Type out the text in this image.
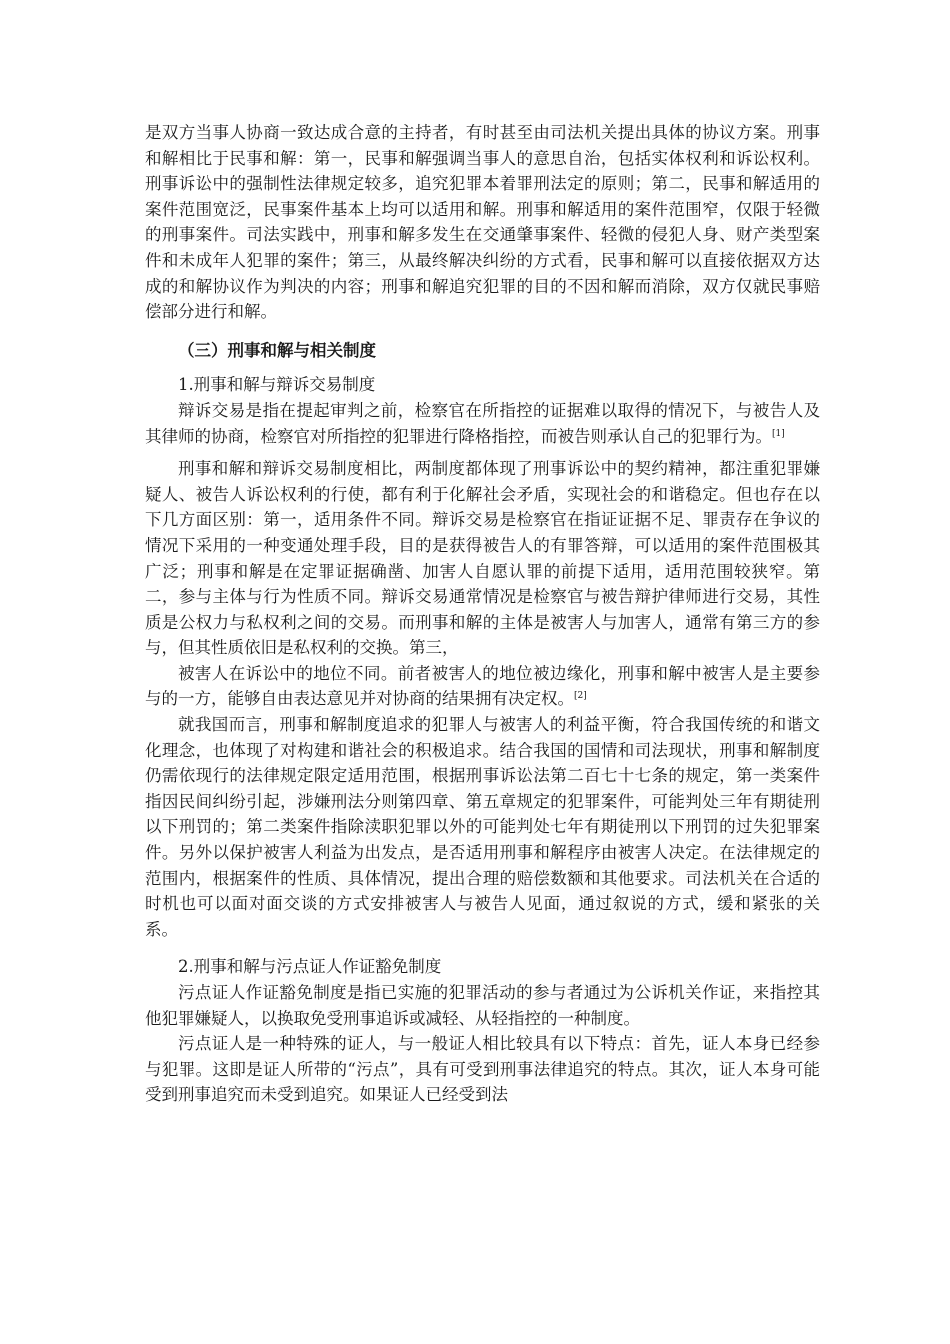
是双方当事人协商一致达成合意的主持者，有时甚至由司法机关提出具体的协议方案。刑事和解相比于民事和解：第一，民事和解强调当事人的意思自治，包括实体权利和诉讼权利。刑事诉讼中的强制性法律规定较多，追究犯罪本着罪刑法定的原则；第二，民事和解适用的案件范围宽泛，民事案件基本上均可以适用和解。刑事和解适用的案件范围窄，仅限于轻微的刑事案件。司法实践中，刑事和解多发生在交通肇事案件、轻微的侵犯人身、财产类型案件和未成年人犯罪的案件；第三，从最终解决纠纷的方式看，民事和解可以直接依据双方达成的和解协议作为判决的内容；刑事和解追究犯罪的目的不因和解而消除，双方仅就民事赔偿部分进行和解。

（三）刑事和解与相关制度
1.刑事和解与辩诉交易制度

辩诉交易是指在提起审判之前，检察官在所指控的证据难以取得的情况下，与被告人及其律师的协商，检察官对所指控的犯罪进行降格指控，而被告则承认自己的犯罪行为。[1]

刑事和解和辩诉交易制度相比，两制度都体现了刑事诉讼中的契约精神，都注重犯罪嫌疑人、被告人诉讼权利的行使，都有利于化解社会矛盾，实现社会的和谐稳定。但也存在以下几方面区别：第一，适用条件不同。辩诉交易是检察官在指证证据不足、罪责存在争议的情况下采用的一种变通处理手段，目的是获得被告人的有罪答辩，可以适用的案件范围极其广泛；刑事和解是在定罪证据确凿、加害人自愿认罪的前提下适用，适用范围较狭窄。第二，参与主体与行为性质不同。辩诉交易通常情况是检察官与被告辩护律师进行交易，其性质是公权力与私权利之间的交易。而刑事和解的主体是被害人与加害人，通常有第三方的参与，但其性质依旧是私权利的交换。第三，

被害人在诉讼中的地位不同。前者被害人的地位被边缘化，刑事和解中被害人是主要参与的一方，能够自由表达意见并对协商的结果拥有决定权。[2]

就我国而言，刑事和解制度追求的犯罪人与被害人的利益平衡，符合我国传统的和谐文化理念，也体现了对构建和谐社会的积极追求。结合我国的国情和司法现状，刑事和解制度仍需依现行的法律规定限定适用范围，根据刑事诉讼法第二百七十七条的规定，第一类案件指因民间纠纷引起，涉嫌刑法分则第四章、第五章规定的犯罪案件，可能判处三年有期徒刑以下刑罚的；第二类案件指除渎职犯罪以外的可能判处七年有期徒刑以下刑罚的过失犯罪案件。另外以保护被害人利益为出发点，是否适用刑事和解程序由被害人决定。在法律规定的范围内，根据案件的性质、具体情况，提出合理的赔偿数额和其他要求。司法机关在合适的时机也可以面对面交谈的方式安排被害人与被告人见面，通过叙说的方式，缓和紧张的关系。

2.刑事和解与污点证人作证豁免制度

污点证人作证豁免制度是指已实施的犯罪活动的参与者通过为公诉机关作证，来指控其他犯罪嫌疑人，以换取免受刑事追诉或减轻、从轻指控的一种制度。

污点证人是一种特殊的证人，与一般证人相比较具有以下特点：首先，证人本身已经参与犯罪。这即是证人所带的“污点”，具有可受到刑事法律追究的特点。其次，证人本身可能受到刑事追究而未受到追究。如果证人已经受到法
